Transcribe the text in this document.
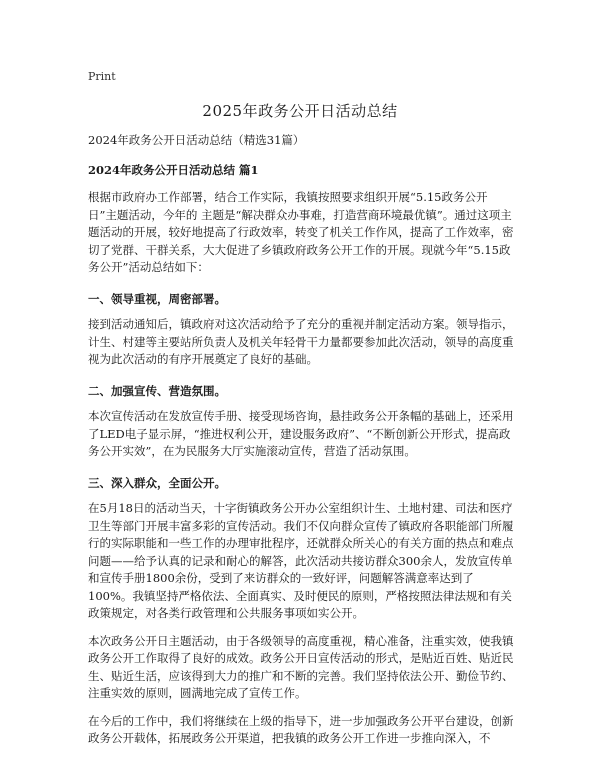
Print
2025年政务公开日活动总结

2024年政务公开日活动总结（精选31篇）

2024年政务公开日活动总结 篇1

根据市政府办工作部署，结合工作实际，我镇按照要求组织开展“5.15政务公开日”主题活动，今年的 主题是“解决群众办事难，打造营商环境最优镇”。通过这项主题活动的开展，较好地提高了行政效率，转变了机关工作作风，提高了工作效率，密切了党群、干群关系，大大促进了乡镇政府政务公开工作的开展。现就今年“5.15政务公开”活动总结如下：

一、领导重视，周密部署。

接到活动通知后，镇政府对这次活动给予了充分的重视并制定活动方案。领导指示，计生、村建等主要站所负责人及机关年轻骨干力量都要参加此次活动，领导的高度重视为此次活动的有序开展奠定了良好的基础。

二、加强宣传、营造氛围。

本次宣传活动在发放宣传手册、接受现场咨询，悬挂政务公开条幅的基础上，还采用了LED电子显示屏，“推进权利公开，建设服务政府”、“不断创新公开形式，提高政务公开实效”，在为民服务大厅实施滚动宣传，营造了活动氛围。

三、深入群众，全面公开。

在5月18日的活动当天，十字街镇政务公开办公室组织计生、土地村建、司法和医疗卫生等部门开展丰富多彩的宣传活动。我们不仅向群众宣传了镇政府各职能部门所履行的实际职能和一些工作的办理审批程序，还就群众所关心的有关方面的热点和难点问题——给予认真的记录和耐心的解答，此次活动共接访群众300余人，发放宣传单和宣传手册1800余份，受到了来访群众的一致好评，问题解答满意率达到了100%。我镇坚持严格依法、全面真实、及时便民的原则，严格按照法律法规和有关政策规定，对各类行政管理和公共服务事项如实公开。

本次政务公开日主题活动，由于各级领导的高度重视，精心准备，注重实效，使我镇政务公开工作取得了良好的成效。政务公开日宣传活动的形式，是贴近百姓、贴近民生、贴近生活，应该得到大力的推广和不断的完善。我们坚持依法公开、勤俭节约、注重实效的原则，圆满地完成了宣传工作。

在今后的工作中，我们将继续在上级的指导下，进一步加强政务公开平台建设，创新政务公开载体，拓展政务公开渠道，把我镇的政务公开工作进一步推向深入，不
